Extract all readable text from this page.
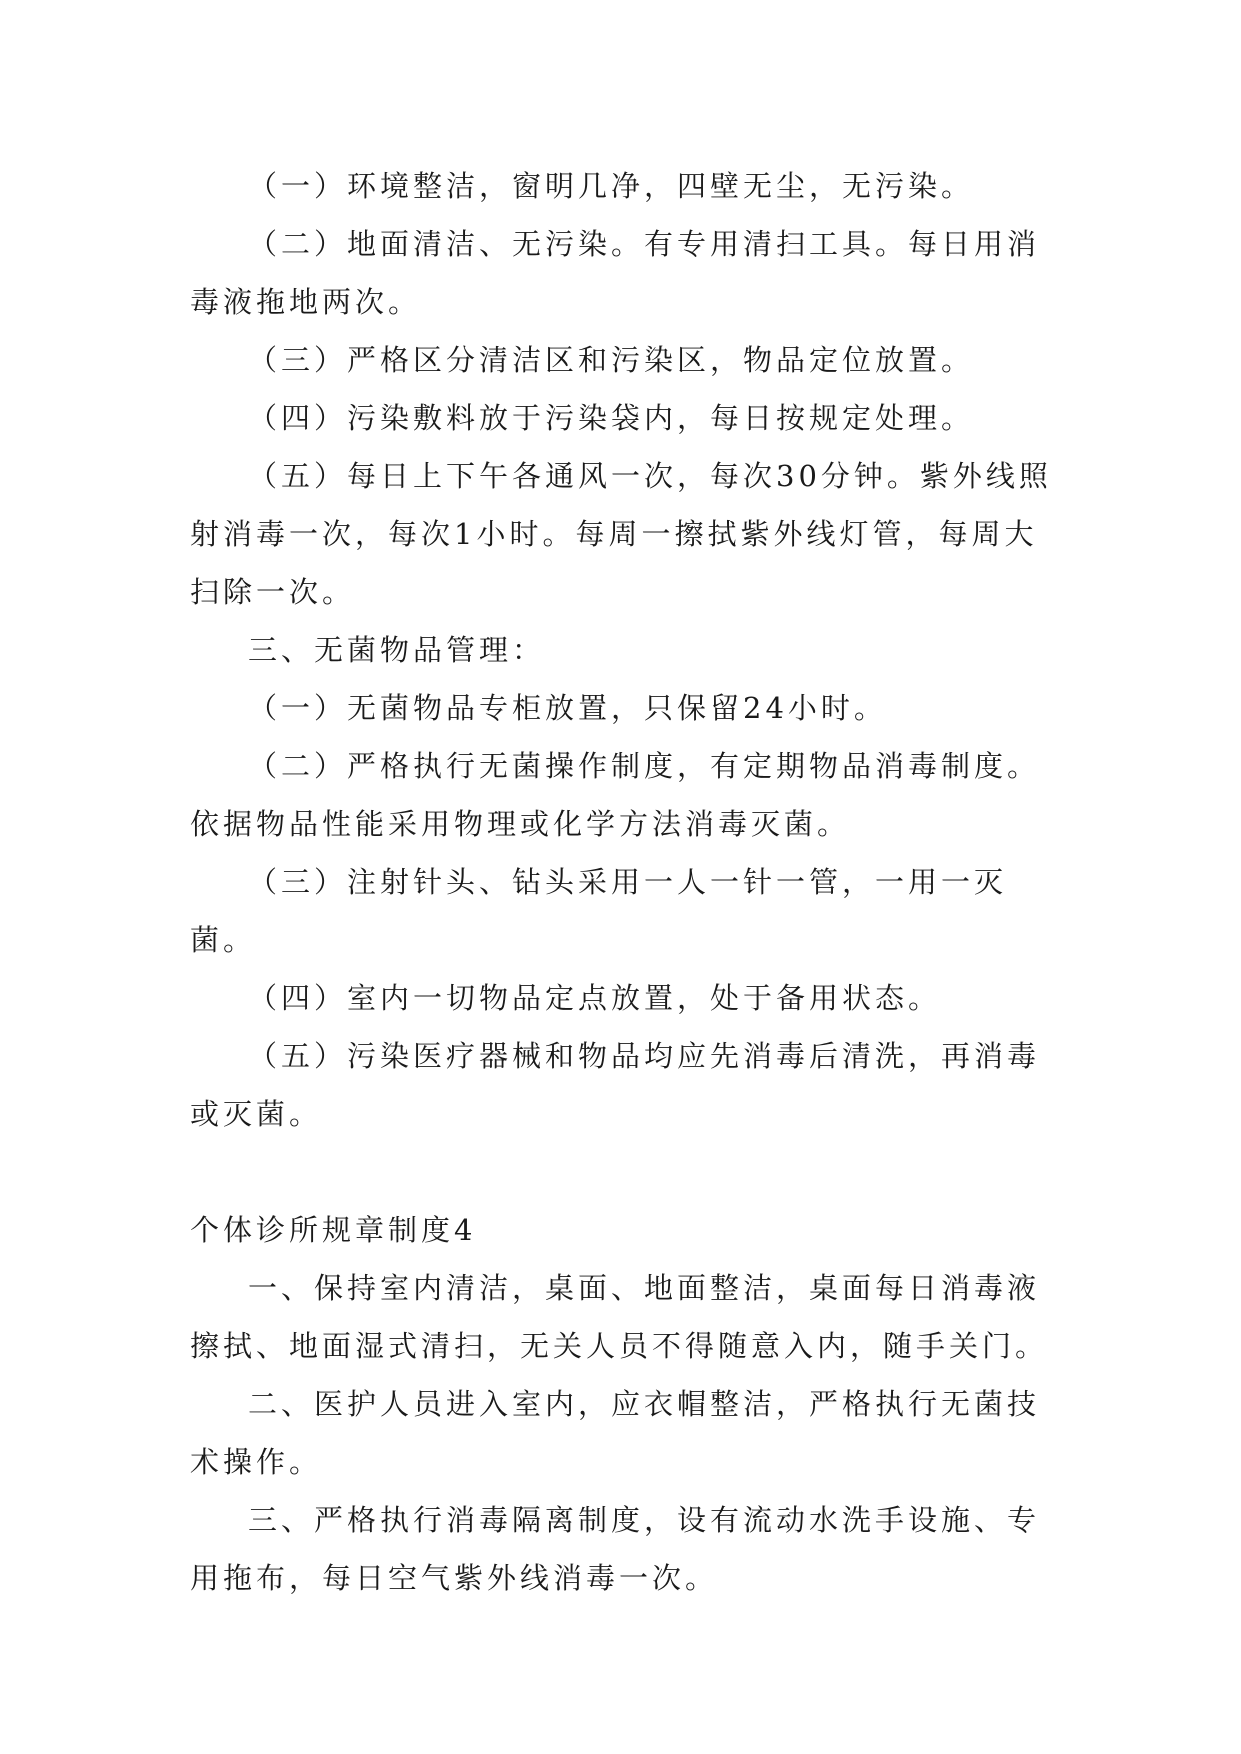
（一）环境整洁，窗明几净，四壁无尘，无污染。

（二）地面清洁、无污染。有专用清扫工具。每日用消毒液拖地两次。

（三）严格区分清洁区和污染区，物品定位放置。

（四）污染敷料放于污染袋内，每日按规定处理。

（五）每日上下午各通风一次，每次30分钟。紫外线照射消毒一次，每次1小时。每周一擦拭紫外线灯管，每周大扫除一次。

三、无菌物品管理：

（一）无菌物品专柜放置，只保留24小时。

（二）严格执行无菌操作制度，有定期物品消毒制度。依据物品性能采用物理或化学方法消毒灭菌。

（三）注射针头、钻头采用一人一针一管，一用一灭菌。

（四）室内一切物品定点放置，处于备用状态。

（五）污染医疗器械和物品均应先消毒后清洗，再消毒或灭菌。

个体诊所规章制度4

一、保持室内清洁，桌面、地面整洁，桌面每日消毒液擦拭、地面湿式清扫，无关人员不得随意入内，随手关门。

二、医护人员进入室内，应衣帽整洁，严格执行无菌技术操作。

三、严格执行消毒隔离制度，设有流动水洗手设施、专用拖布，每日空气紫外线消毒一次。
